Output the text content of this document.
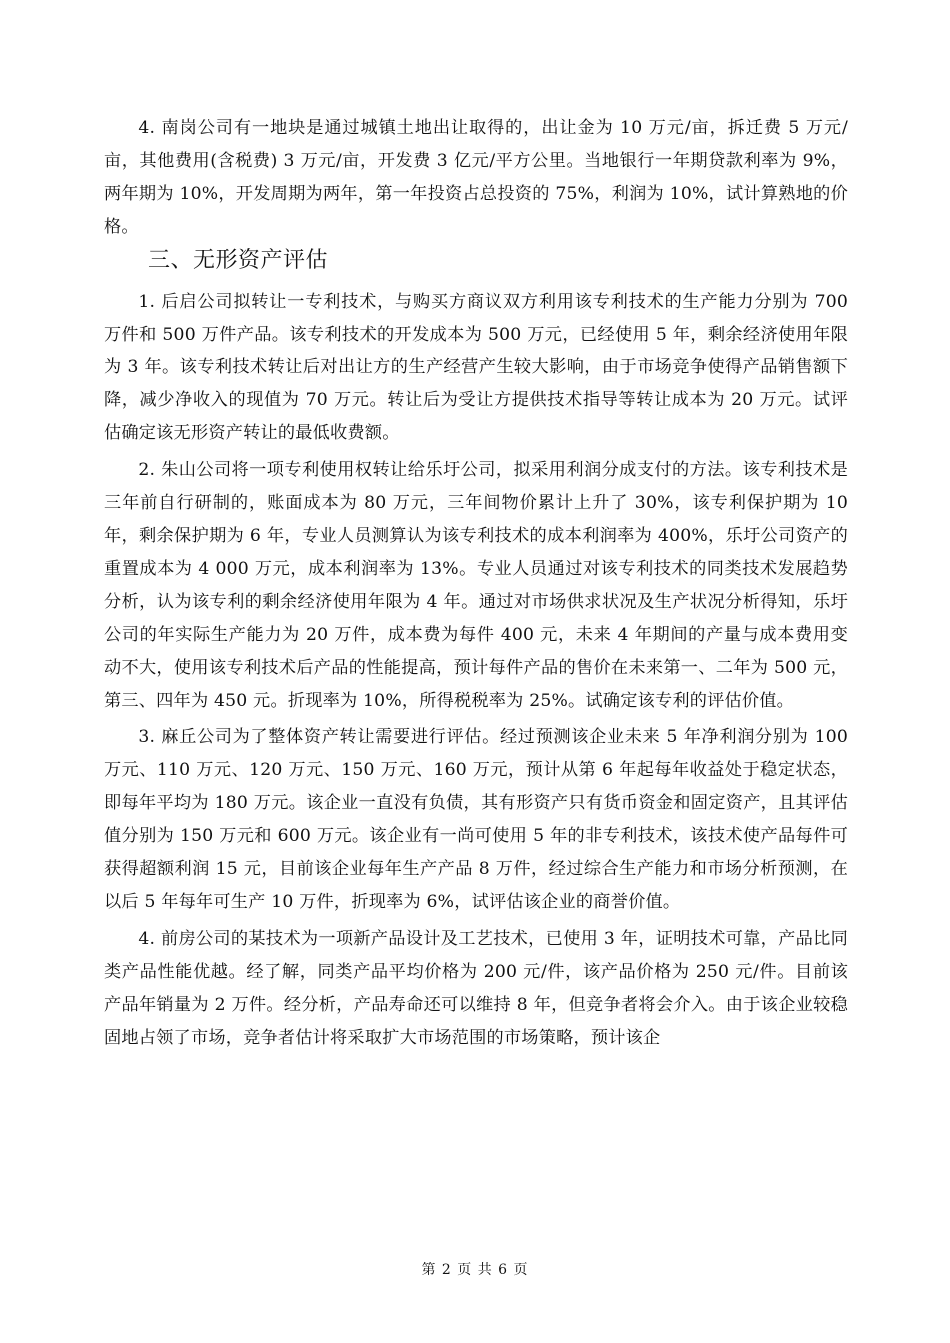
4. 南岗公司有一地块是通过城镇土地出让取得的，出让金为 10 万元/亩，拆迁费 5 万元/亩，其他费用(含税费) 3 万元/亩，开发费 3 亿元/平方公里。当地银行一年期贷款利率为 9%，两年期为 10%，开发周期为两年，第一年投资占总投资的 75%，利润为 10%，试计算熟地的价格。

三、无形资产评估

1. 后启公司拟转让一专利技术，与购买方商议双方利用该专利技术的生产能力分别为 700 万件和 500 万件产品。该专利技术的开发成本为 500 万元，已经使用 5 年，剩余经济使用年限为 3 年。该专利技术转让后对出让方的生产经营产生较大影响，由于市场竞争使得产品销售额下降，减少净收入的现值为 70 万元。转让后为受让方提供技术指导等转让成本为 20 万元。试评估确定该无形资产转让的最低收费额。

2. 朱山公司将一项专利使用权转让给乐圩公司，拟采用利润分成支付的方法。该专利技术是三年前自行研制的，账面成本为 80 万元，三年间物价累计上升了 30%，该专利保护期为 10 年，剩余保护期为 6 年，专业人员测算认为该专利技术的成本利润率为 400%，乐圩公司资产的重置成本为 4 000 万元，成本利润率为 13%。专业人员通过对该专利技术的同类技术发展趋势分析，认为该专利的剩余经济使用年限为 4 年。通过对市场供求状况及生产状况分析得知，乐圩公司的年实际生产能力为 20 万件，成本费为每件 400 元，未来 4 年期间的产量与成本费用变动不大，使用该专利技术后产品的性能提高，预计每件产品的售价在未来第一、二年为 500 元，第三、四年为 450 元。折现率为 10%，所得税税率为 25%。试确定该专利的评估价值。

3. 麻丘公司为了整体资产转让需要进行评估。经过预测该企业未来 5 年净利润分别为 100 万元、110 万元、120 万元、150 万元、160 万元，预计从第 6 年起每年收益处于稳定状态，即每年平均为 180 万元。该企业一直没有负债，其有形资产只有货币资金和固定资产，且其评估值分别为 150 万元和 600 万元。该企业有一尚可使用 5 年的非专利技术，该技术使产品每件可获得超额利润 15 元，目前该企业每年生产产品 8 万件，经过综合生产能力和市场分析预测，在以后 5 年每年可生产 10 万件，折现率为 6%，试评估该企业的商誉价值。

4. 前房公司的某技术为一项新产品设计及工艺技术，已使用 3 年，证明技术可靠，产品比同类产品性能优越。经了解，同类产品平均价格为 200 元/件，该产品价格为 250 元/件。目前该产品年销量为 2 万件。经分析，产品寿命还可以维持 8 年，但竞争者将会介入。由于该企业较稳固地占领了市场，竞争者估计将采取扩大市场范围的市场策略，预计该企

第 2 页 共 6 页
